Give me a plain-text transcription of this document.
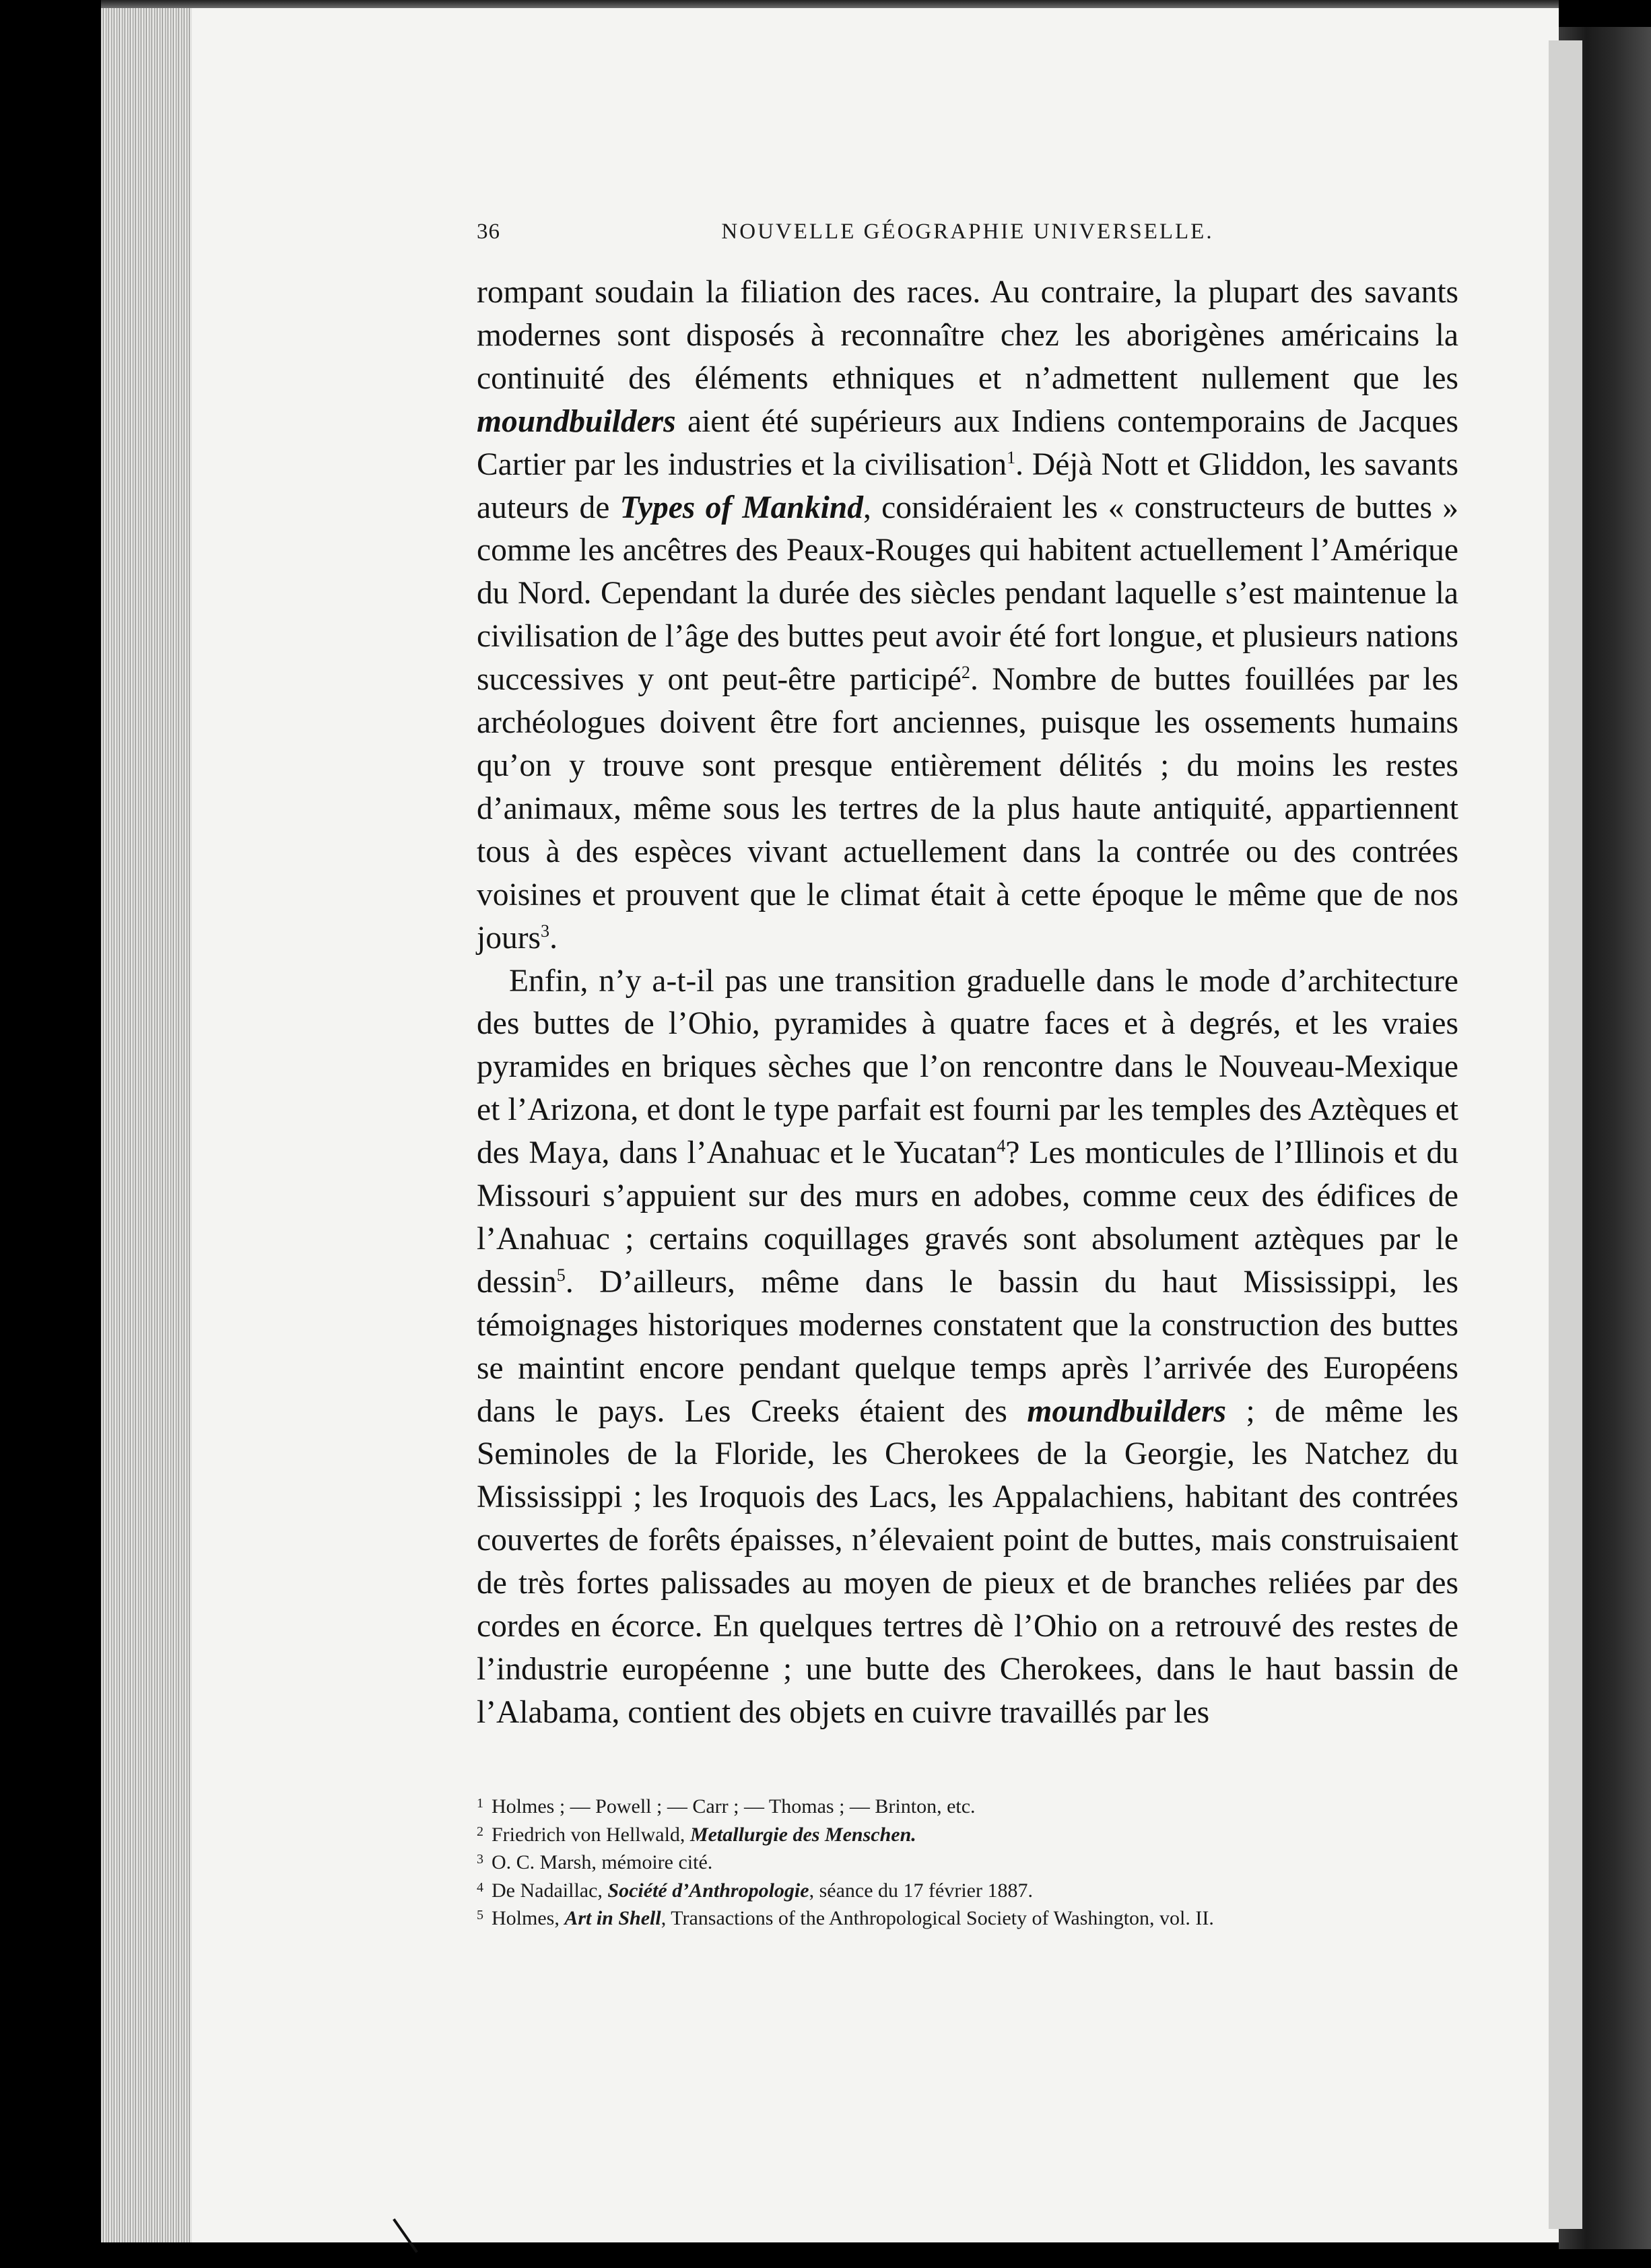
36	NOUVELLE GÉOGRAPHIE UNIVERSELLE.

rompant soudain la filiation des races. Au contraire, la plupart des savants modernes sont disposés à reconnaître chez les aborigènes américains la continuité des éléments ethniques et n’admettent nullement que les moundbuilders aient été supérieurs aux Indiens contemporains de Jacques Cartier par les industries et la civilisation$^1$. Déjà Nott et Gliddon, les savants auteurs de Types of Mankind, considéraient les « constructeurs de buttes » comme les ancêtres des Peaux-Rouges qui habitent actuellement l’Amérique du Nord. Cependant la durée des siècles pendant laquelle s’est maintenue la civilisation de l’âge des buttes peut avoir été fort longue, et plusieurs nations successives y ont peut-être participé$^2$. Nombre de buttes fouillées par les archéologues doivent être fort anciennes, puisque les ossements humains qu’on y trouve sont presque entièrement délités ; du moins les restes d’animaux, même sous les tertres de la plus haute antiquité, appartiennent tous à des espèces vivant actuellement dans la contrée ou des contrées voisines et prouvent que le climat était à cette époque le même que de nos jours$^3$.

Enfin, n’y a-t-il pas une transition graduelle dans le mode d’architecture des buttes de l’Ohio, pyramides à quatre faces et à degrés, et les vraies pyramides en briques sèches que l’on rencontre dans le Nouveau-Mexique et l’Arizona, et dont le type parfait est fourni par les temples des Aztèques et des Maya, dans l’Anahuac et le Yucatan$^4$? Les monticules de l’Illinois et du Missouri s’appuient sur des murs en adobes, comme ceux des édifices de l’Anahuac ; certains coquillages gravés sont absolument aztèques par le dessin$^5$. D’ailleurs, même dans le bassin du haut Mississippi, les témoignages historiques modernes constatent que la construction des buttes se maintint encore pendant quelque temps après l’arrivée des Européens dans le pays. Les Creeks étaient des moundbuilders ; de même les Seminoles de la Floride, les Cherokees de la Georgie, les Natchez du Mississippi ; les Iroquois des Lacs, les Appalachiens, habitant des contrées couvertes de forêts épaisses, n’élevaient point de buttes, mais construisaient de très fortes palissades au moyen de pieux et de branches reliées par des cordes en écorce. En quelques tertres dè l’Ohio on a retrouvé des restes de l’industrie européenne ; une butte des Cherokees, dans le haut bassin de l’Alabama, contient des objets en cuivre travaillés par les

1 Holmes ; — Powell ; — Carr ; — Thomas ; — Brinton, etc.

2 Friedrich von Hellwald, Metallurgie des Menschen.

3 O. C. Marsh, mémoire cité.

4 De Nadaillac, Société d’Anthropologie, séance du 17 février 1887.

5 Holmes, Art in Shell, Transactions of the Anthropological Society of Washington, vol. II.
